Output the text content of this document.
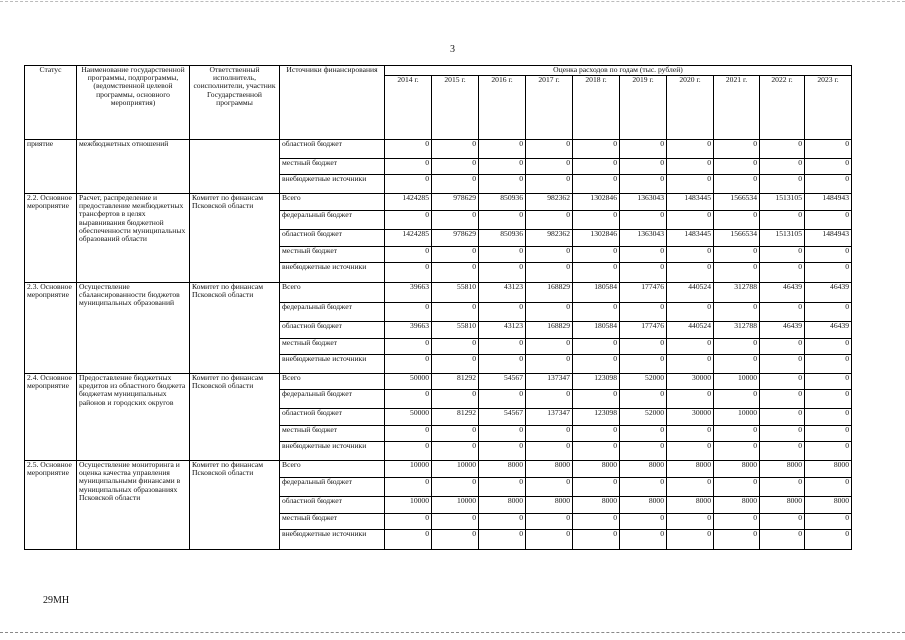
3
Статус	Наименование государственной программы, подпрограммы, (ведомственной целевой программы, основного мероприятия)	Ответственный исполнитель, соисполнители, участник Государственной программы	Источники финансирования	Оценка расходов по годам (тыс. рублей)									
				2014 г.	2015 г.	2016 г.	2017 г.	2018 г.	2019 г.	2020 г.	2021 г.	2022 г.	2023 г.
приятие	межбюджетных отношений		областной бюджет	0	0	0	0	0	0	0	0	0	0
			местный бюджет	0	0	0	0	0	0	0	0	0	0
			внебюджетные источники	0	0	0	0	0	0	0	0	0	0
2.2. Основное мероприятие	Расчет, распределение и предоставление межбюджетных трансфертов в целях выравнивания бюджетной обеспеченности муниципальных образований области	Комитет по финансам Псковской области	Всего	1424285	978629	850936	982362	1302846	1363043	1483445	1566534	1513105	1484943
			федеральный бюджет	0	0	0	0	0	0	0	0	0	0
			областной бюджет	1424285	978629	850936	982362	1302846	1363043	1483445	1566534	1513105	1484943
			местный бюджет	0	0	0	0	0	0	0	0	0	0
			внебюджетные источники	0	0	0	0	0	0	0	0	0	0
2.3. Основное мероприятие	Осуществление сбалансированности бюджетов муниципальных образований	Комитет по финансам Псковской области	Всего	39663	55810	43123	168829	180584	177476	440524	312788	46439	46439
			федеральный бюджет	0	0	0	0	0	0	0	0	0	0
			областной бюджет	39663	55810	43123	168829	180584	177476	440524	312788	46439	46439
			местный бюджет	0	0	0	0	0	0	0	0	0	0
			внебюджетные источники	0	0	0	0	0	0	0	0	0	0
2.4. Основное мероприятие	Предоставление бюджетных кредитов из областного бюджета бюджетам муниципальных районов и городских округов	Комитет по финансам Псковской области	Всего	50000	81292	54567	137347	123098	52000	30000	10000	0	0
			федеральный бюджет	0	0	0	0	0	0	0	0	0	0
			областной бюджет	50000	81292	54567	137347	123098	52000	30000	10000	0	0
			местный бюджет	0	0	0	0	0	0	0	0	0	0
			внебюджетные источники	0	0	0	0	0	0	0	0	0	0
2.5. Основное мероприятие	Осуществление мониторинга и оценка качества управления муниципальными финансами в муниципальных образованиях Псковской области	Комитет по финансам Псковской области	Всего	10000	10000	8000	8000	8000	8000	8000	8000	8000	8000
			федеральный бюджет	0	0	0	0	0	0	0	0	0	0
			областной бюджет	10000	10000	8000	8000	8000	8000	8000	8000	8000	8000
			местный бюджет	0	0	0	0	0	0	0	0	0	0
			внебюджетные источники	0	0	0	0	0	0	0	0	0	0
29МН
